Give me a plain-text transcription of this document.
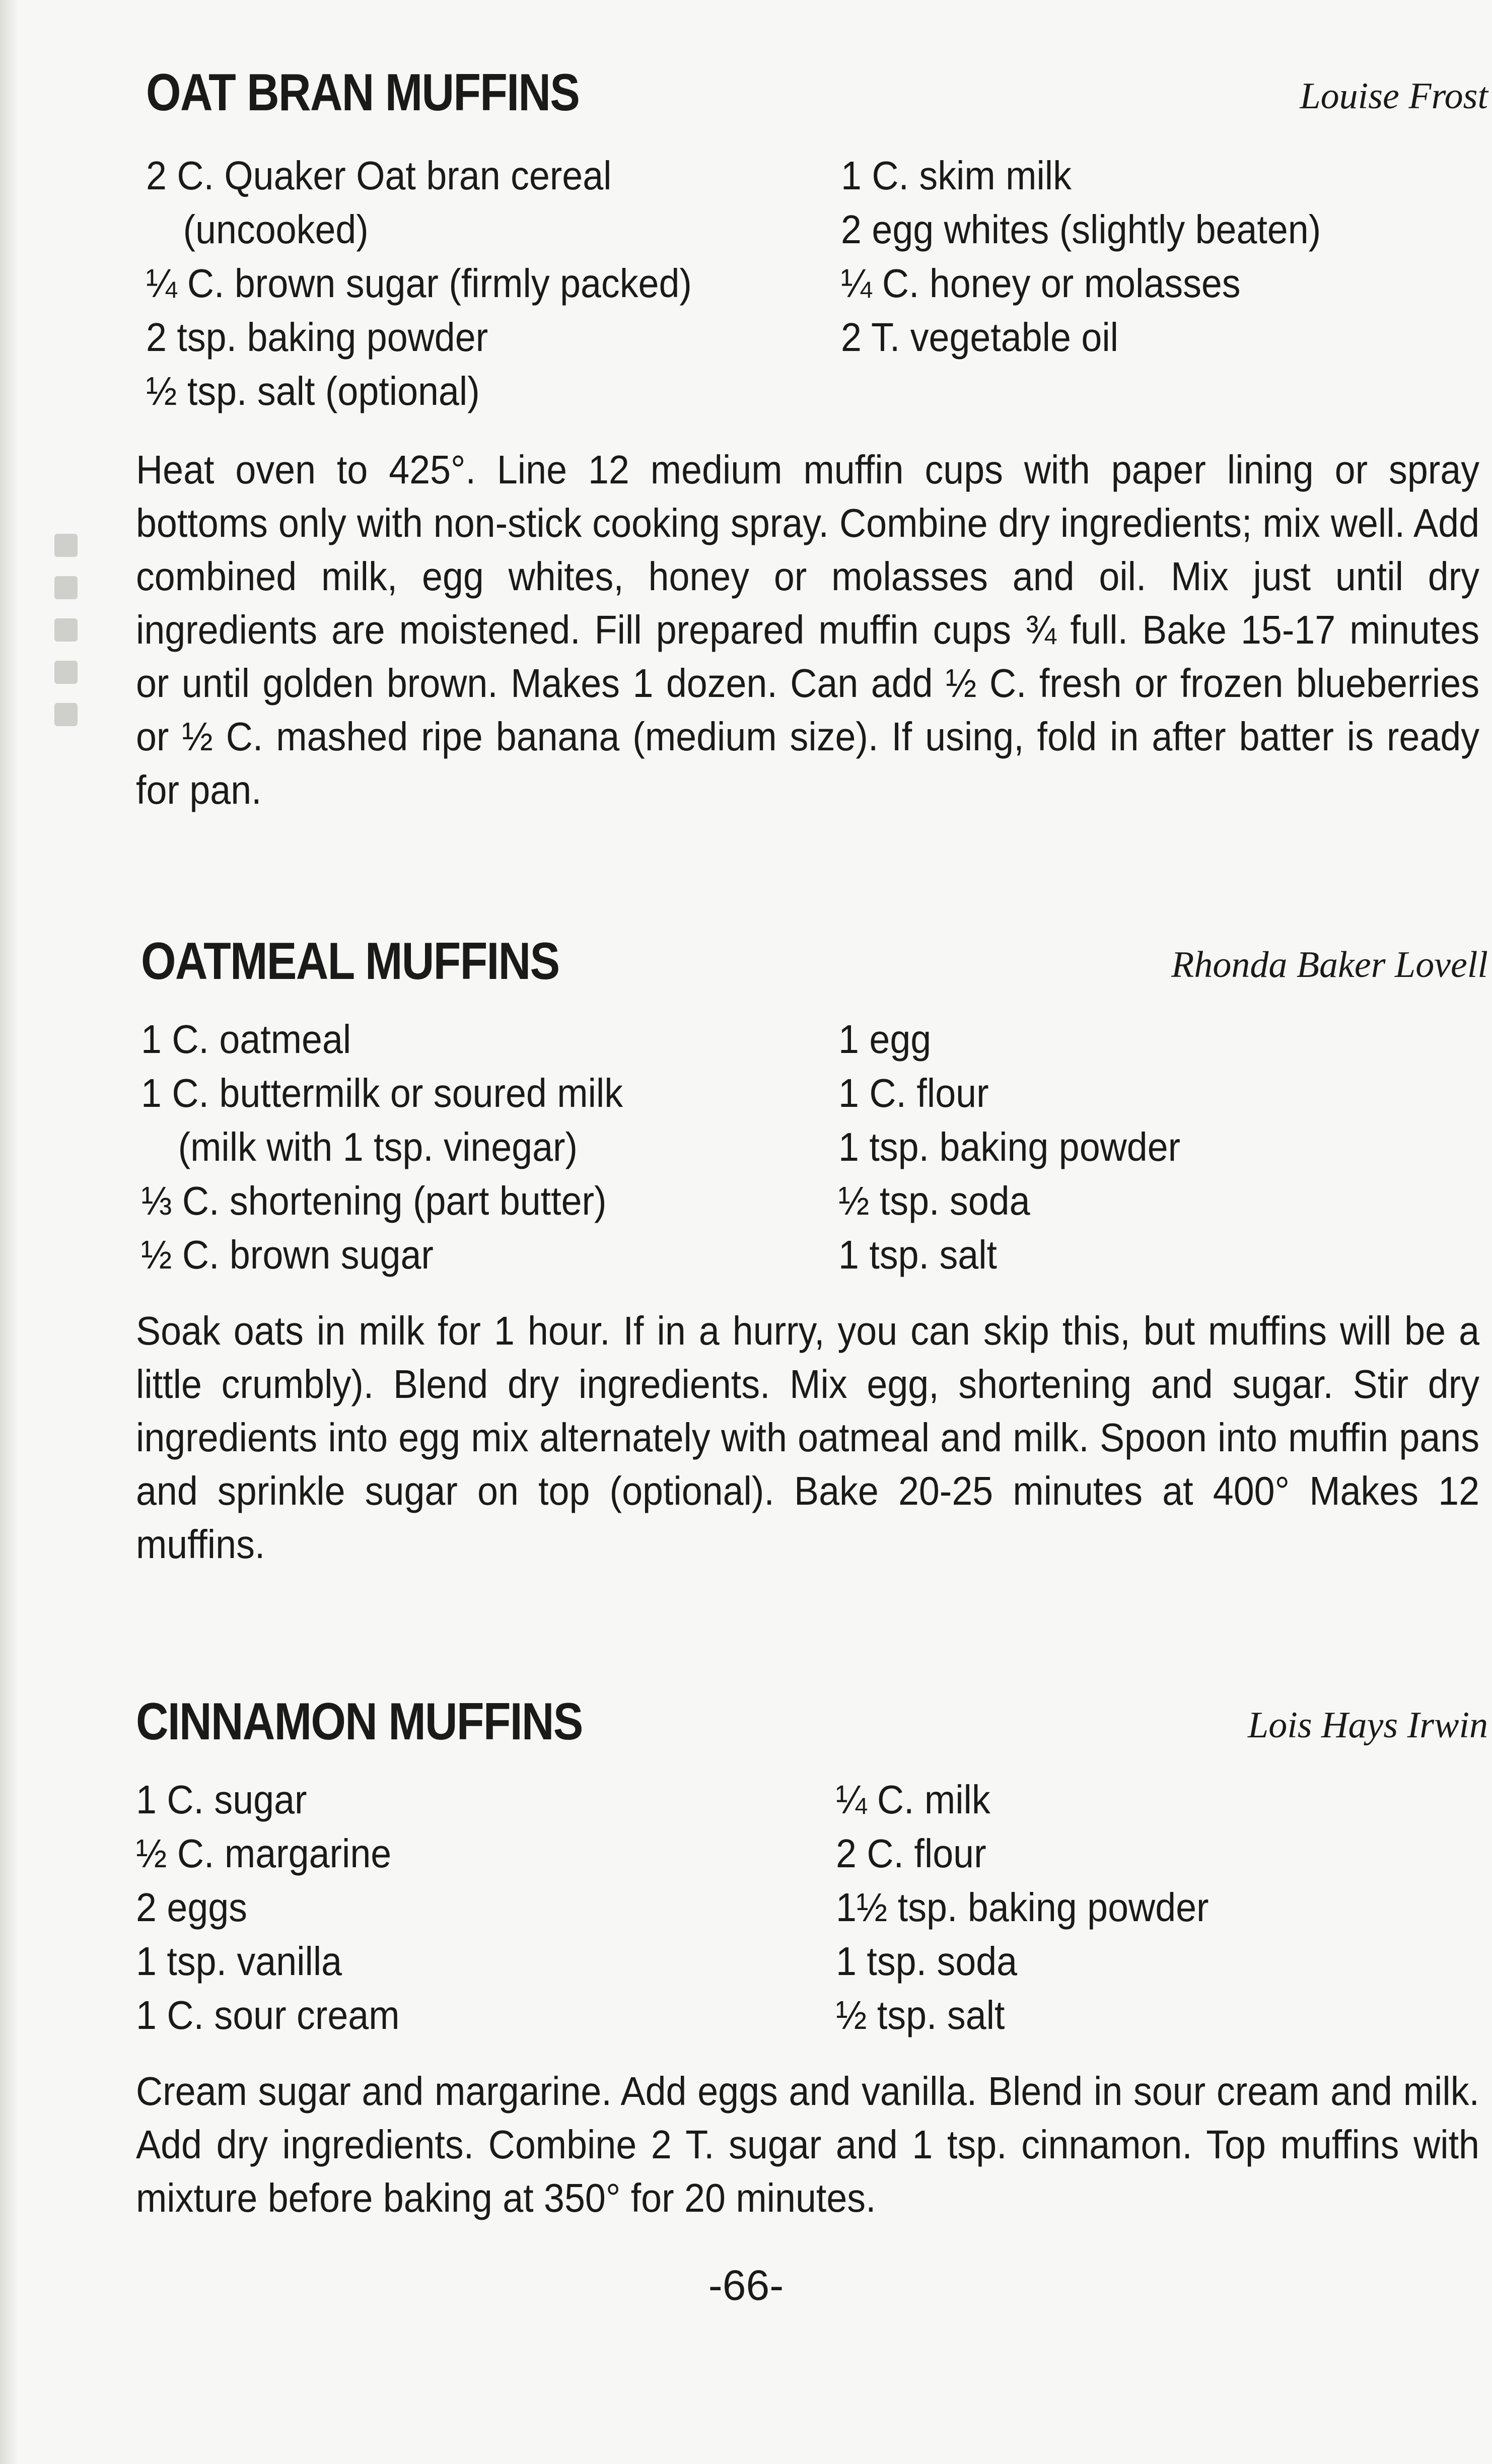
OAT BRAN MUFFINS	Louise Frost
2 C. Quaker Oat bran cereal
(uncooked)
¼ C. brown sugar (firmly packed)
2 tsp. baking powder
½ tsp. salt (optional)
1 C. skim milk
2 egg whites (slightly beaten)
¼ C. honey or molasses
2 T. vegetable oil

Heat oven to 425°. Line 12 medium muffin cups with paper lining or spray bottoms only with non-stick cooking spray. Combine dry ingredients; mix well. Add combined milk, egg whites, honey or molasses and oil. Mix just until dry ingredients are moistened. Fill prepared muffin cups ¾ full. Bake 15-17 minutes or until golden brown. Makes 1 dozen. Can add ½ C. fresh or frozen blueberries or ½ C. mashed ripe banana (medium size). If using, fold in after batter is ready for pan.

OATMEAL MUFFINS	Rhonda Baker Lovell
1 C. oatmeal
1 C. buttermilk or soured milk
(milk with 1 tsp. vinegar)
⅓ C. shortening (part butter)
½ C. brown sugar
1 egg
1 C. flour
1 tsp. baking powder
½ tsp. soda
1 tsp. salt

Soak oats in milk for 1 hour. If in a hurry, you can skip this, but muffins will be a little crumbly). Blend dry ingredients. Mix egg, shortening and sugar. Stir dry ingredients into egg mix alternately with oatmeal and milk. Spoon into muffin pans and sprinkle sugar on top (optional). Bake 20-25 minutes at 400° Makes 12 muffins.

CINNAMON MUFFINS	Lois Hays Irwin
1 C. sugar
½ C. margarine
2 eggs
1 tsp. vanilla
1 C. sour cream
¼ C. milk
2 C. flour
1½ tsp. baking powder
1 tsp. soda
½ tsp. salt

Cream sugar and margarine. Add eggs and vanilla. Blend in sour cream and milk. Add dry ingredients. Combine 2 T. sugar and 1 tsp. cinnamon. Top muffins with mixture before baking at 350° for 20 minutes.

-66-
